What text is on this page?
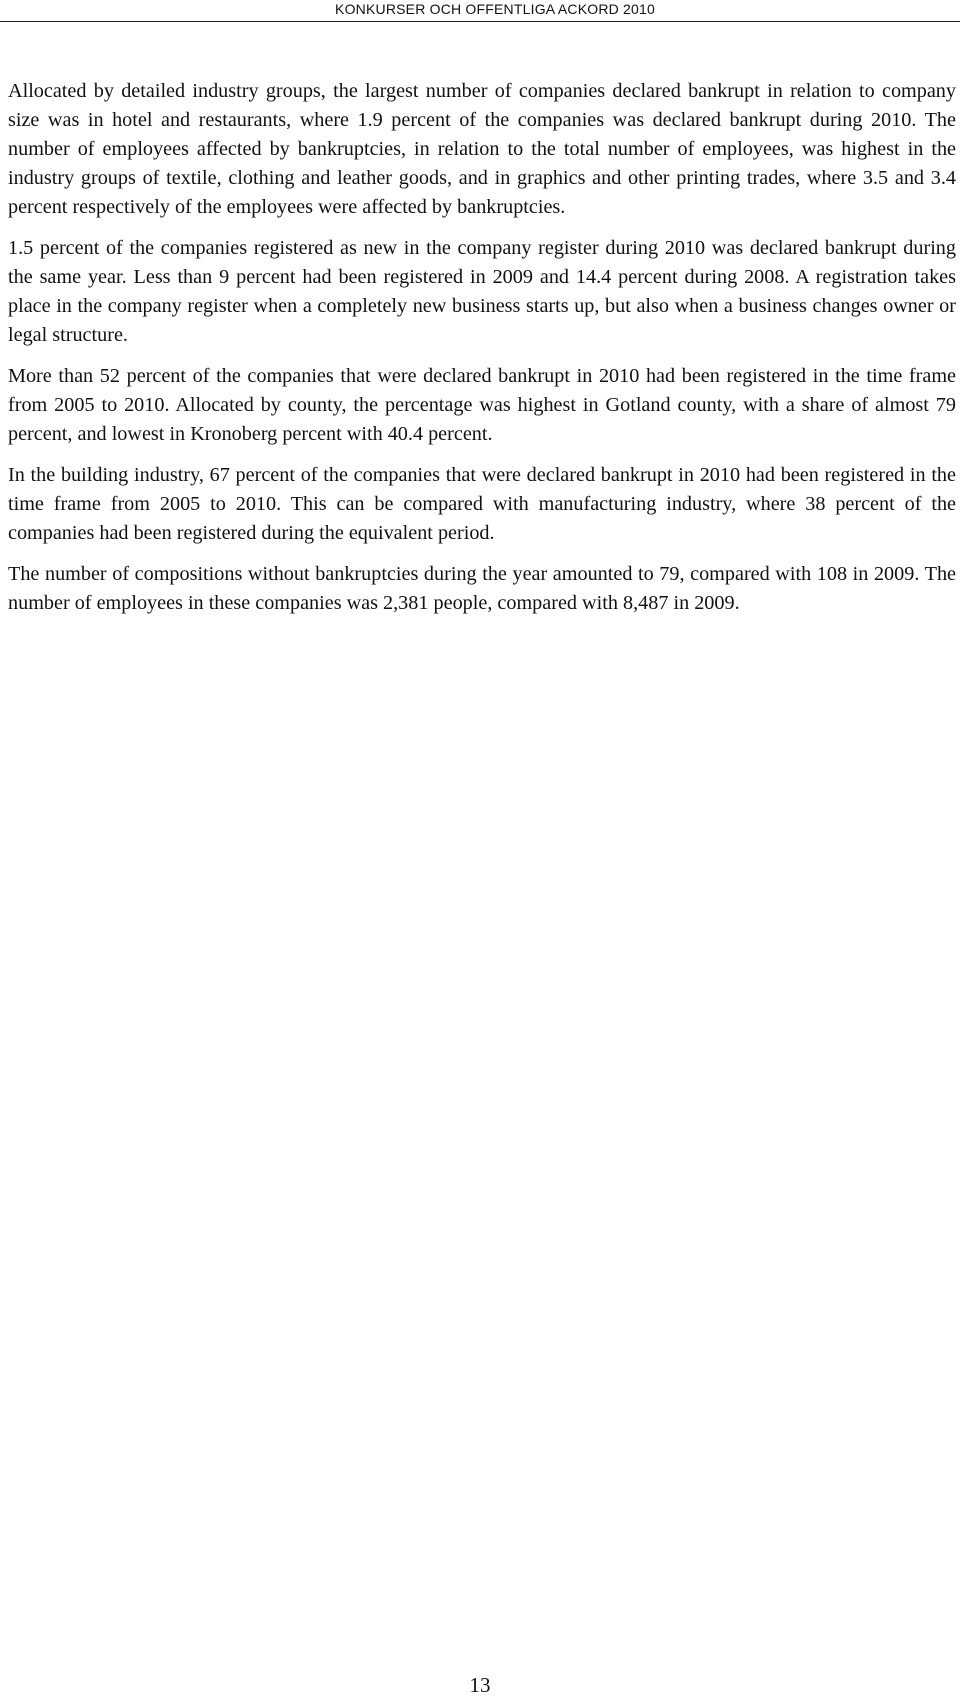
KONKURSER OCH OFFENTLIGA ACKORD 2010

Allocated by detailed industry groups, the largest number of companies declared bankrupt in relation to company size was in hotel and restaurants, where 1.9 percent of the companies was declared bankrupt during 2010. The number of employees affected by bankruptcies, in relation to the total number of employees, was highest in the industry groups of textile, clothing and leather goods, and in graphics and other printing trades, where 3.5 and 3.4 percent respectively of the employees were affected by bankruptcies.

1.5 percent of the companies registered as new in the company register during 2010 was declared bankrupt during the same year. Less than 9 percent had been registered in 2009 and 14.4 percent during 2008. A registration takes place in the company register when a completely new business starts up, but also when a business changes owner or legal structure.

More than 52 percent of the companies that were declared bankrupt in 2010 had been registered in the time frame from 2005 to 2010. Allocated by county, the percentage was highest in Gotland county, with a share of almost 79 percent, and lowest in Kronoberg percent with 40.4 percent.

In the building industry, 67 percent of the companies that were declared bankrupt in 2010 had been registered in the time frame from 2005 to 2010. This can be compared with manufacturing industry, where 38 percent of the companies had been registered during the equivalent period.

The number of compositions without bankruptcies during the year amounted to 79, compared with 108 in 2009. The number of employees in these companies was 2,381 people, compared with 8,487 in 2009.

13
